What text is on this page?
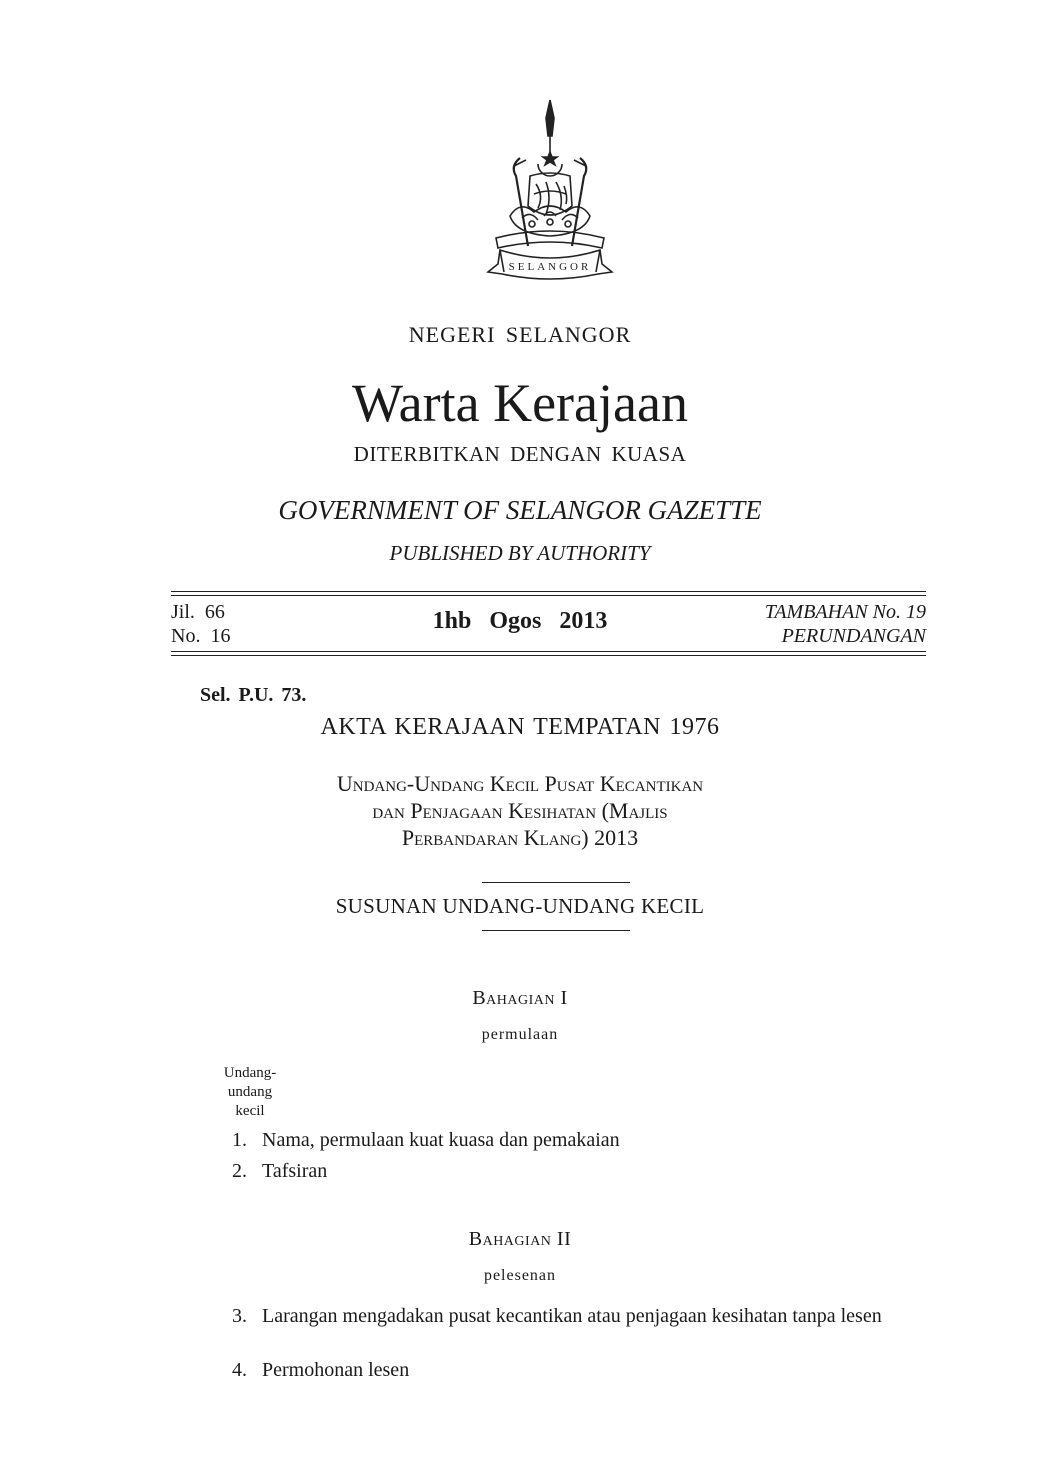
SELANGOR
NEGERI SELANGOR
Warta Kerajaan
DITERBITKAN DENGAN KUASA
GOVERNMENT OF SELANGOR GAZETTE
PUBLISHED BY AUTHORITY
Jil.  66
No.  16
1hb  Ogos  2013	TAMBAHAN No. 19
PERUNDANGAN
Sel. P.U. 73.
AKTA KERAJAAN TEMPATAN 1976
Undang-Undang Kecil Pusat Kecantikan
dan Penjagaan Kesihatan (Majlis
Perbandaran Klang) 2013
SUSUNAN UNDANG-UNDANG KECIL
Bahagian I
permulaan
Undang-
undang
kecil
1. Nama, permulaan kuat kuasa dan pemakaian
2. Tafsiran
Bahagian II
pelesenan
3. Larangan mengadakan pusat kecantikan atau penjagaan kesihatan tanpa lesen
4. Permohonan lesen
